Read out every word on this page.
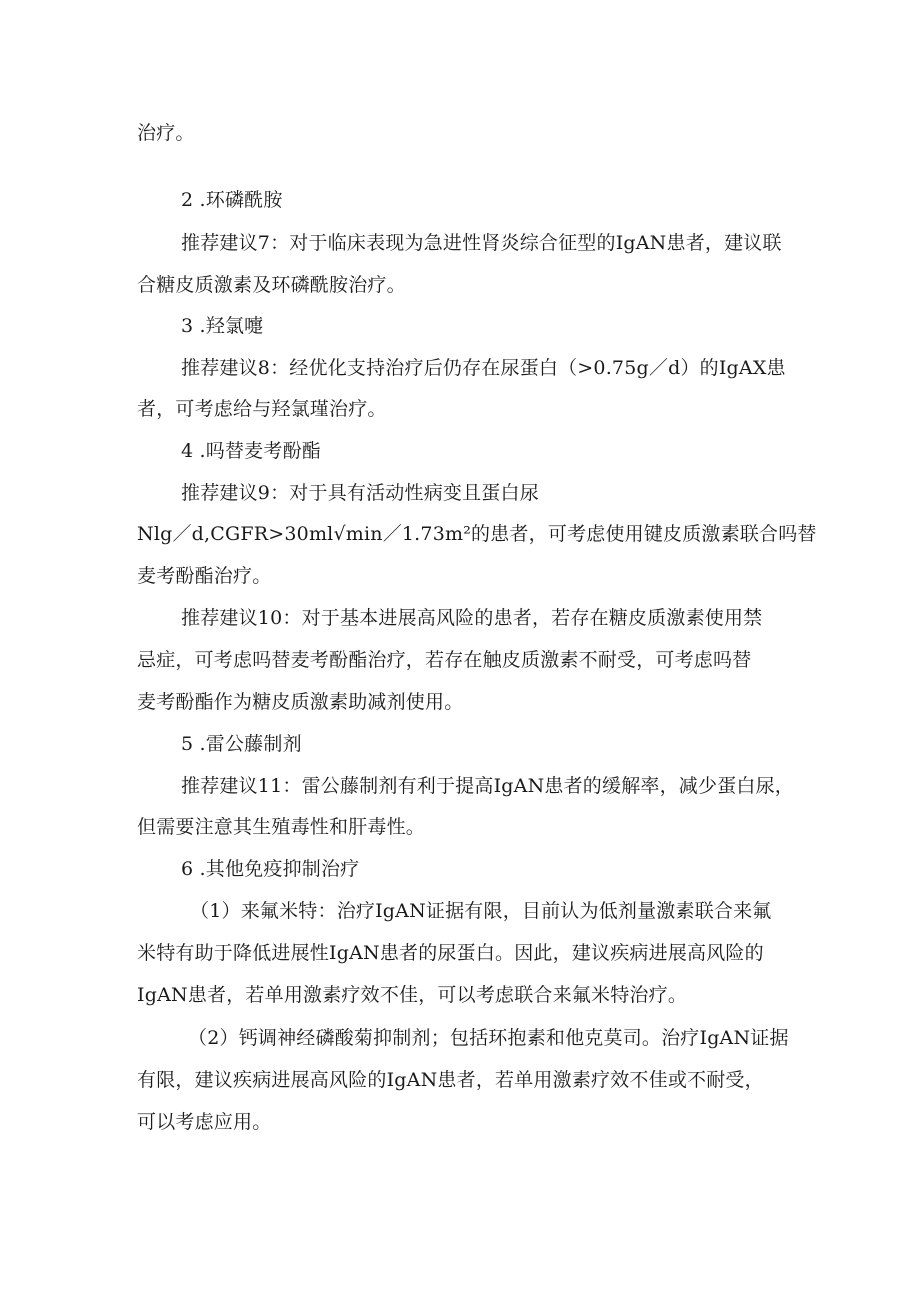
治疗。
2 .环磷酰胺
推荐建议7：对于临床表现为急进性肾炎综合征型的IgAN患者，建议联
合糖皮质激素及环磷酰胺治疗。
3 .羟氯嚏
推荐建议8：经优化支持治疗后仍存在尿蛋白（>0.75g／d）的IgAX患
者，可考虑给与羟氯瑾治疗。
4 .吗替麦考酚酯
推荐建议9：对于具有活动性病变且蛋白尿
Nlg／d,CGFR>30ml√min／1.73m²的患者，可考虑使用键皮质激素联合吗替
麦考酚酯治疗。
推荐建议10：对于基本进展高风险的患者，若存在糖皮质激素使用禁
忌症，可考虑吗替麦考酚酯治疗，若存在触皮质激素不耐受，可考虑吗替
麦考酚酯作为糖皮质激素助减剂使用。
5 .雷公藤制剂
推荐建议11：雷公藤制剂有利于提高IgAN患者的缓解率，减少蛋白尿，
但需要注意其生殖毒性和肝毒性。
6 .其他免疫抑制治疗
（1）来氟米特：治疗IgAN证据有限，目前认为低剂量激素联合来氟
米特有助于降低进展性IgAN患者的尿蛋白。因此，建议疾病进展高风险的
IgAN患者，若单用激素疗效不佳，可以考虑联合来氟米特治疗。
（2）钙调神经磷酸菊抑制剂；包括环抱素和他克莫司。治疗IgAN证据
有限，建议疾病进展高风险的IgAN患者，若单用激素疗效不佳或不耐受，
可以考虑应用。
